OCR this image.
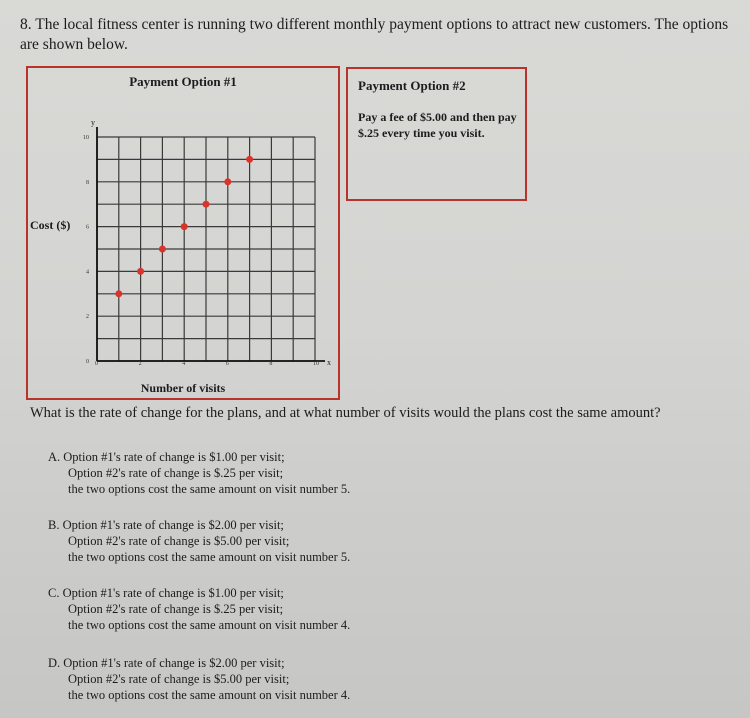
8. The local fitness center is running two different monthly payment options to attract new customers. The options are shown below.
Payment Option #1
x
y
0	2	4	6	8	10
0
2
4
6
8
10
Cost ($)
Number of visits
Payment Option #2
Pay a fee of $5.00 and then pay $.25 every time you visit.
What is the rate of change for the plans, and at what number of visits would the plans cost the same amount?
A. Option #1's rate of change is $1.00 per visit;
Option #2's rate of change is $.25 per visit;
the two options cost the same amount on visit number 5.
B. Option #1's rate of change is $2.00 per visit;
Option #2's rate of change is $5.00 per visit;
the two options cost the same amount on visit number 5.
C. Option #1's rate of change is $1.00 per visit;
Option #2's rate of change is $.25 per visit;
the two options cost the same amount on visit number 4.
D. Option #1's rate of change is $2.00 per visit;
Option #2's rate of change is $5.00 per visit;
the two options cost the same amount on visit number 4.
